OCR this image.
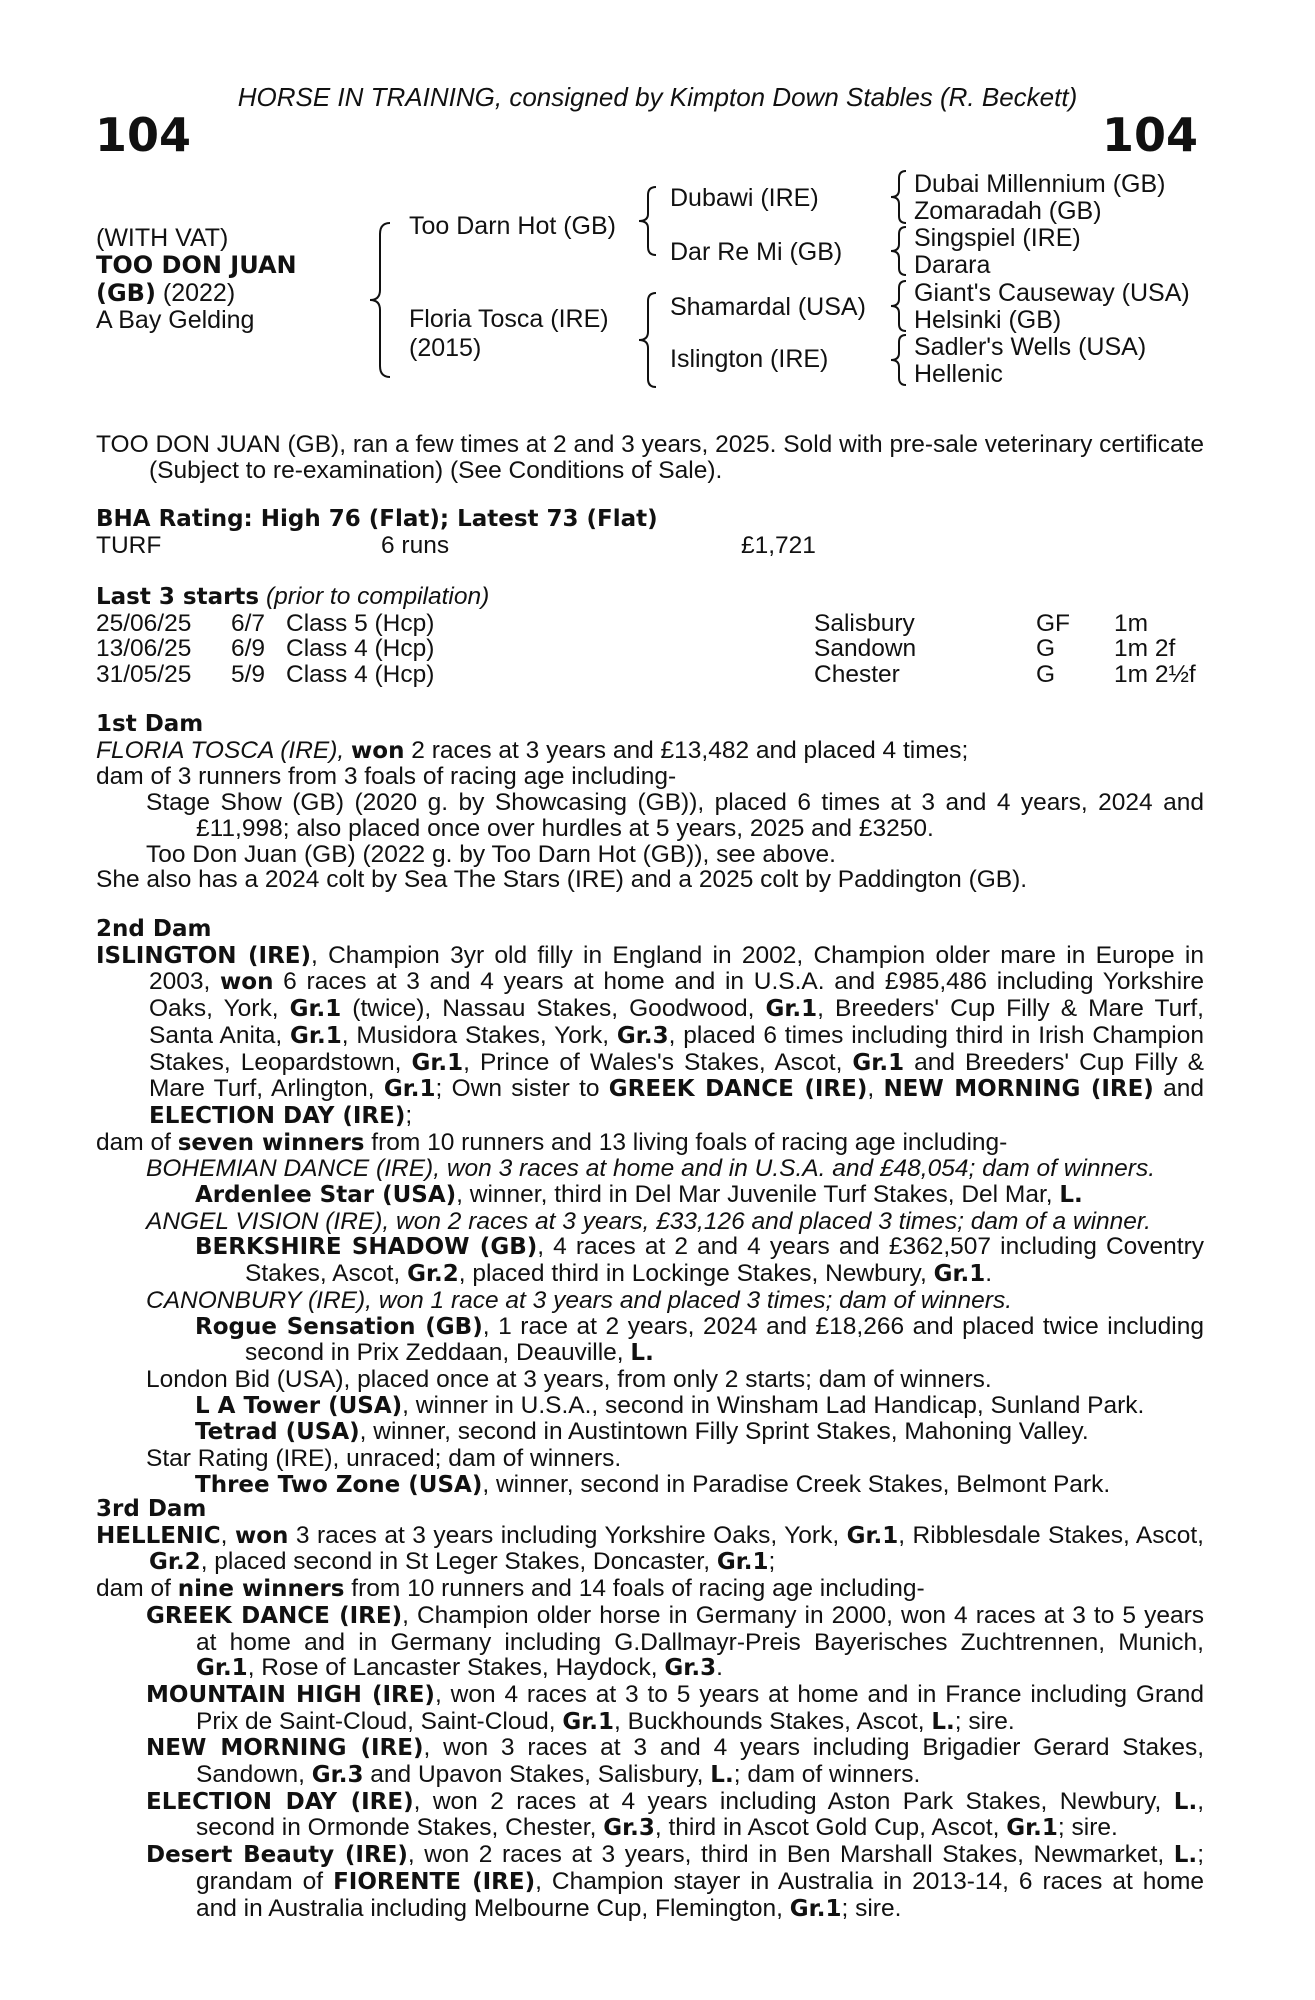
HORSE IN TRAINING, consigned by Kimpton Down Stables (R. Beckett)
104	104
(WITH VAT)
TOO DON JUAN
(GB) (2022)
A Bay Gelding
Too Darn Hot (GB)
Floria Tosca (IRE)
(2015)
Dubawi (IRE)
Dar Re Mi (GB)
Shamardal (USA)
Islington (IRE)
Dubai Millennium (GB)
Zomaradah (GB)
Singspiel (IRE)
Darara
Giant's Causeway (USA)
Helsinki (GB)
Sadler's Wells (USA)
Hellenic

TOO DON JUAN (GB), ran a few times at 2 and 3 years, 2025. Sold with pre-sale veterinary certificate (Subject to re-examination) (See Conditions of Sale).

BHA Rating: High 76 (Flat); Latest 73 (Flat)

TURF	6 runs	£1,721

Last 3 starts (prior to compilation)

25/06/25	6/7 Class 5 (Hcp)	Salisbury	GF	1m
13/06/25	6/9 Class 4 (Hcp)	Sandown	G	1m 2f
31/05/25	5/9 Class 4 (Hcp)	Chester	G	1m 2½f

1st Dam

FLORIA TOSCA (IRE), won 2 races at 3 years and £13,482 and placed 4 times;

dam of 3 runners from 3 foals of racing age including-

Stage Show (GB) (2020 g. by Showcasing (GB)), placed 6 times at 3 and 4 years, 2024 and £11,998; also placed once over hurdles at 5 years, 2025 and £3250.

Too Don Juan (GB) (2022 g. by Too Darn Hot (GB)), see above.

She also has a 2024 colt by Sea The Stars (IRE) and a 2025 colt by Paddington (GB).

2nd Dam

ISLINGTON (IRE), Champion 3yr old filly in England in 2002, Champion older mare in Europe in 2003, won 6 races at 3 and 4 years at home and in U.S.A. and £985,486 including Yorkshire Oaks, York, Gr.1 (twice), Nassau Stakes, Goodwood, Gr.1, Breeders' Cup Filly & Mare Turf, Santa Anita, Gr.1, Musidora Stakes, York, Gr.3, placed 6 times including third in Irish Champion Stakes, Leopardstown, Gr.1, Prince of Wales's Stakes, Ascot, Gr.1 and Breeders' Cup Filly & Mare Turf, Arlington, Gr.1; Own sister to GREEK DANCE (IRE), NEW MORNING (IRE) and ELECTION DAY (IRE);

dam of seven winners from 10 runners and 13 living foals of racing age including-

BOHEMIAN DANCE (IRE), won 3 races at home and in U.S.A. and £48,054; dam of winners.

Ardenlee Star (USA), winner, third in Del Mar Juvenile Turf Stakes, Del Mar, L.

ANGEL VISION (IRE), won 2 races at 3 years, £33,126 and placed 3 times; dam of a winner.

BERKSHIRE SHADOW (GB), 4 races at 2 and 4 years and £362,507 including Coventry Stakes, Ascot, Gr.2, placed third in Lockinge Stakes, Newbury, Gr.1.

CANONBURY (IRE), won 1 race at 3 years and placed 3 times; dam of winners.

Rogue Sensation (GB), 1 race at 2 years, 2024 and £18,266 and placed twice including second in Prix Zeddaan, Deauville, L.

London Bid (USA), placed once at 3 years, from only 2 starts; dam of winners.

L A Tower (USA), winner in U.S.A., second in Winsham Lad Handicap, Sunland Park.

Tetrad (USA), winner, second in Austintown Filly Sprint Stakes, Mahoning Valley.

Star Rating (IRE), unraced; dam of winners.

Three Two Zone (USA), winner, second in Paradise Creek Stakes, Belmont Park.

3rd Dam

HELLENIC, won 3 races at 3 years including Yorkshire Oaks, York, Gr.1, Ribblesdale Stakes, Ascot, Gr.2, placed second in St Leger Stakes, Doncaster, Gr.1;

dam of nine winners from 10 runners and 14 foals of racing age including-

GREEK DANCE (IRE), Champion older horse in Germany in 2000, won 4 races at 3 to 5 years at home and in Germany including G.Dallmayr-Preis Bayerisches Zuchtrennen, Munich, Gr.1, Rose of Lancaster Stakes, Haydock, Gr.3.

MOUNTAIN HIGH (IRE), won 4 races at 3 to 5 years at home and in France including Grand Prix de Saint-Cloud, Saint-Cloud, Gr.1, Buckhounds Stakes, Ascot, L.; sire.

NEW MORNING (IRE), won 3 races at 3 and 4 years including Brigadier Gerard Stakes, Sandown, Gr.3 and Upavon Stakes, Salisbury, L.; dam of winners.

ELECTION DAY (IRE), won 2 races at 4 years including Aston Park Stakes, Newbury, L., second in Ormonde Stakes, Chester, Gr.3, third in Ascot Gold Cup, Ascot, Gr.1; sire.

Desert Beauty (IRE), won 2 races at 3 years, third in Ben Marshall Stakes, Newmarket, L.; grandam of FIORENTE (IRE), Champion stayer in Australia in 2013-14, 6 races at home and in Australia including Melbourne Cup, Flemington, Gr.1; sire.
